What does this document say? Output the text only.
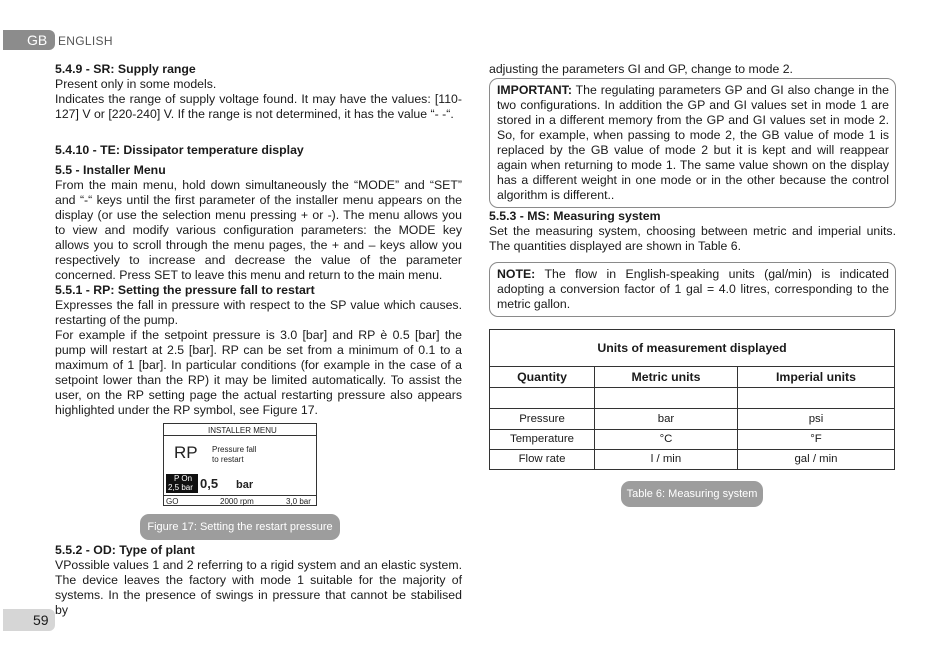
GB ENGLISH
5.4.9 - SR: Supply range

Present only in some models.

Indicates the range of supply voltage found. It may have the values: [110-127] V or [220-240] V. If the range is not determined, it has the value “- -“.

5.4.10 - TE: Dissipator temperature display
5.5 - Installer Menu

From the main menu, hold down simultaneously the “MODE” and “SET” and “-“ keys until the first parameter of the installer menu appears on the display (or use the selection menu pressing + or -). The menu allows you to view and modify various configuration parameters: the MODE key allows you to scroll through the menu pages, the + and – keys allow you respectively to increase and decrease the value of the parameter concerned. Press SET to leave this menu and return to the main menu.

5.5.1 - RP: Setting the pressure fall to restart

Expresses the fall in pressure with respect to the SP value which causes. restarting of the pump.

For example if the setpoint pressure is 3.0 [bar] and RP è 0.5 [bar] the pump will restart at 2.5 [bar]. RP can be set from a minimum of 0.1 to a maximum of 1 [bar]. In particular conditions (for example in the case of a setpoint lower than the RP) it may be limited automatically. To assist the user, on the RP setting page the actual restarting pressure also appears highlighted under the RP symbol, see Figure 17.

INSTALLER MENU
RP Pressure fall
to restart
P On
2,5 bar 0,5 bar
GO	2000 rpm	3,0 bar
Figure 17: Setting the restart pressure
5.5.2 - OD: Type of plant

VPossible values 1 and 2 referring to a rigid system and an elastic system. The device leaves the factory with mode 1 suitable for the majority of systems. In the presence of swings in pressure that cannot be stabilised by

adjusting the parameters GI and GP, change to mode 2.

IMPORTANT: The regulating parameters GP and GI also change in the two configurations. In addition the GP and GI values set in mode 1 are stored in a different memory from the GP and GI values set in mode 2. So, for example, when passing to mode 2, the GB value of mode 1 is replaced by the GB value of mode 2 but it is kept and will reappear again when returning to mode 1. The same value shown on the display has a different weight in one mode or in the other because the control algorithm is different..

5.5.3 - MS: Measuring system

Set the measuring system, choosing between metric and imperial units. The quantities displayed are shown in Table 6.

NOTE: The flow in English-speaking units (gal/min) is indicated adopting a conversion factor of 1 gal = 4.0 litres, corresponding to the metric gallon.

Units of measurement displayed		
Quantity	Metric units	Imperial units

Pressure	bar	psi
Temperature	°C	°F
Flow rate	l / min	gal / min
Table 6: Measuring system
59
